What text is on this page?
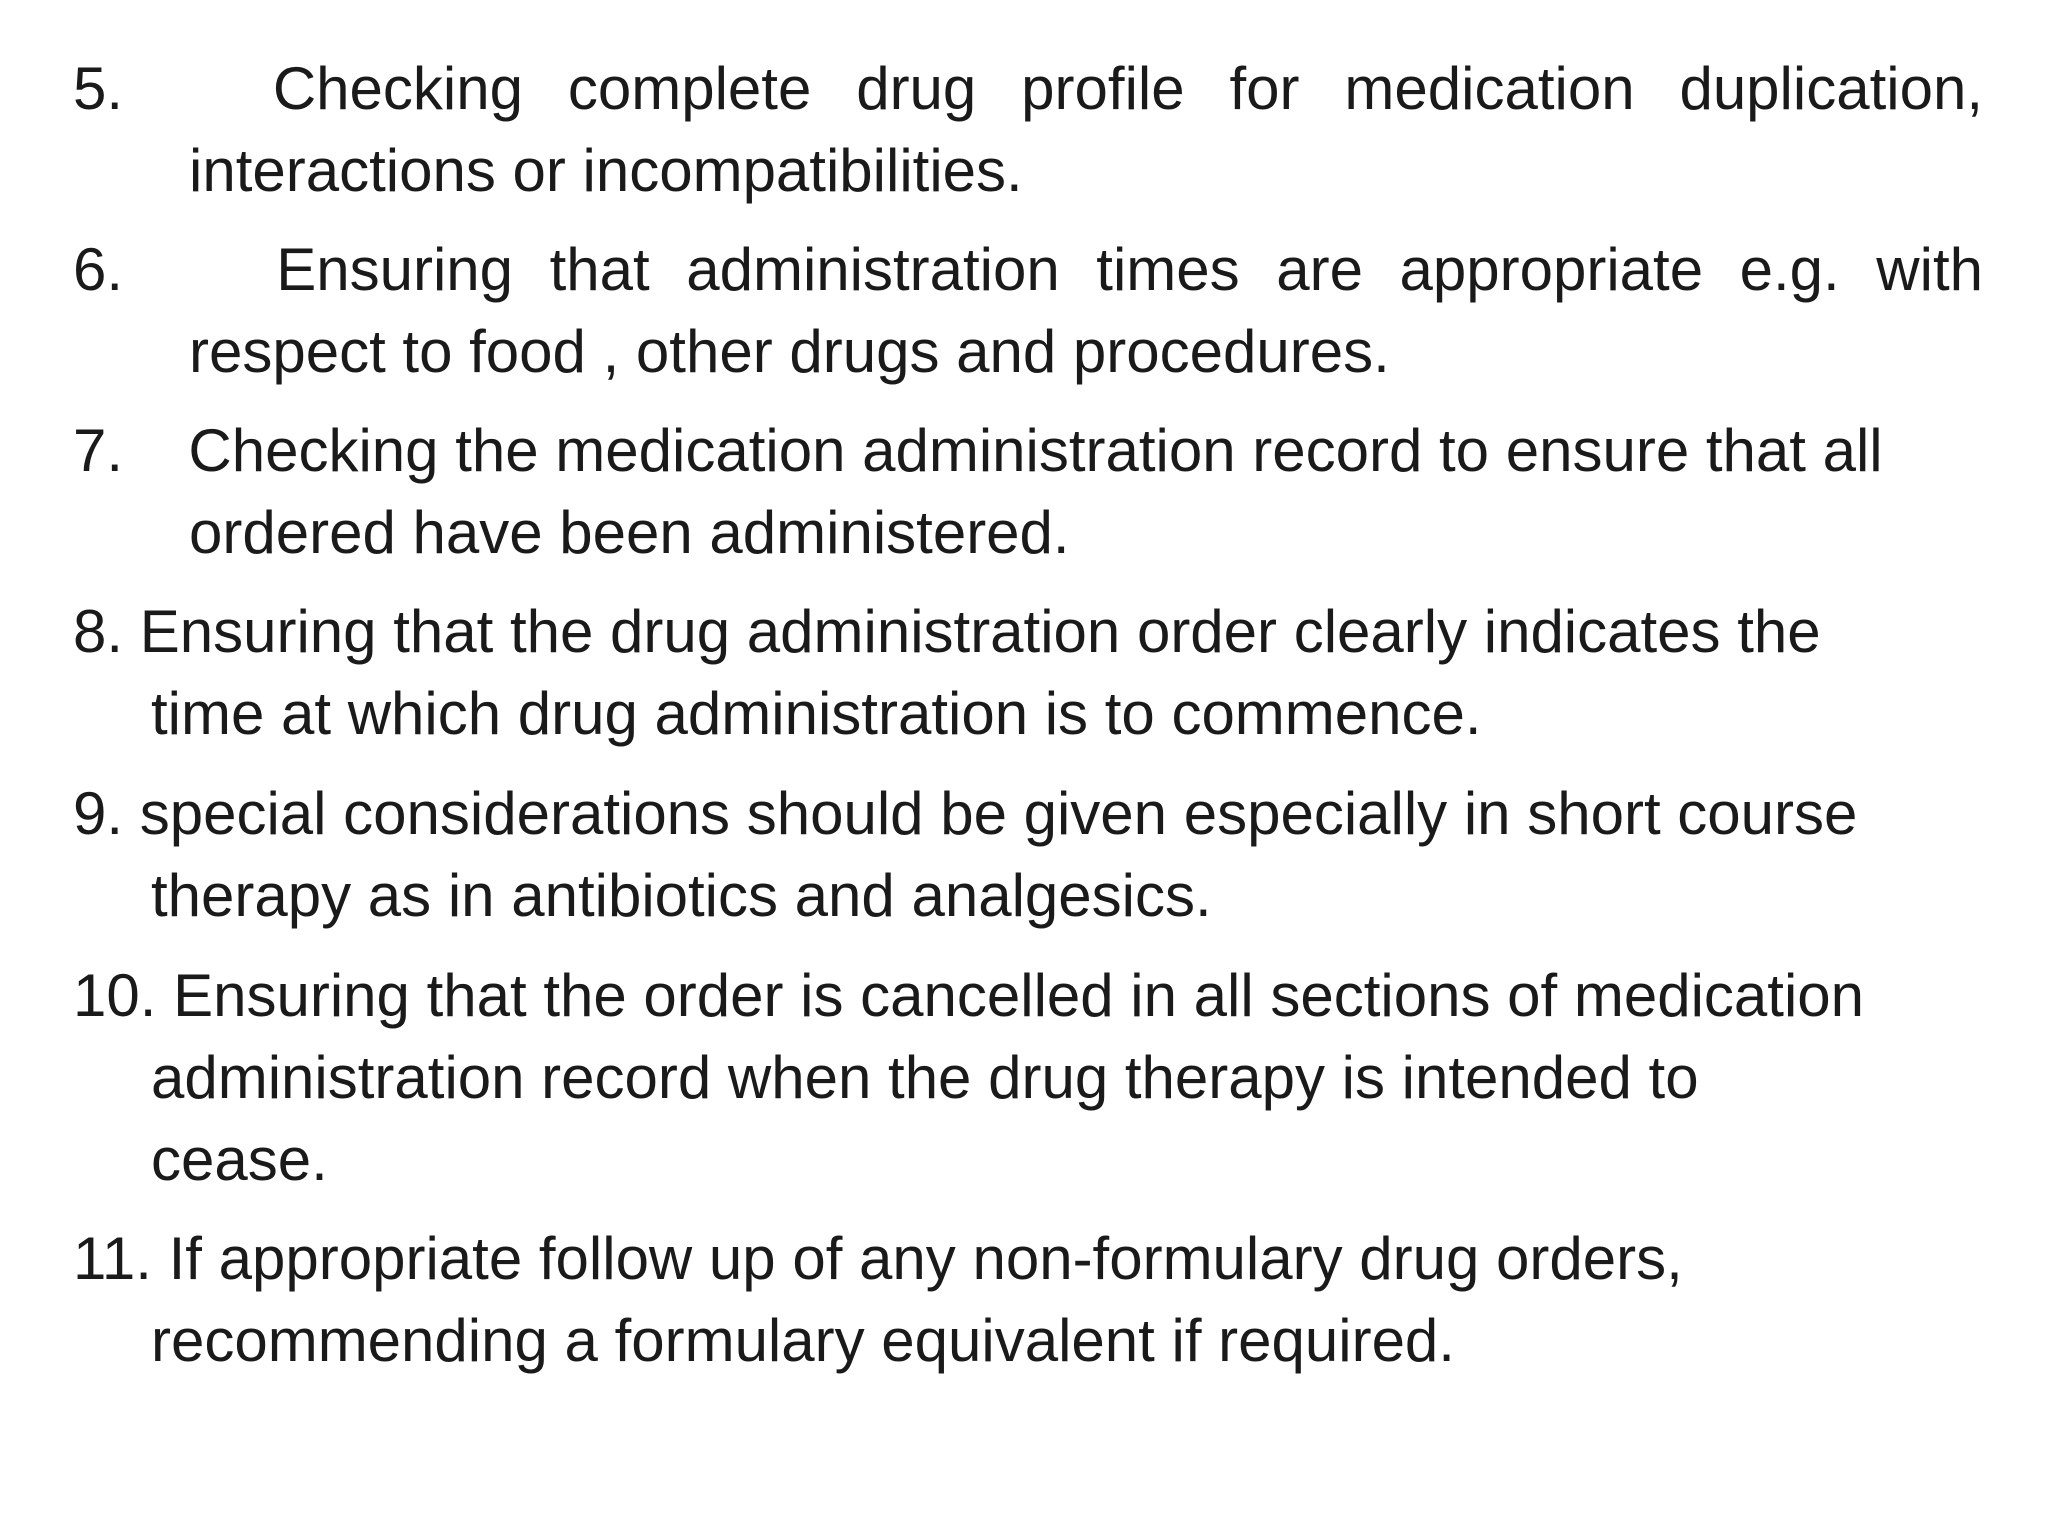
5. Checking complete drug profile for medication duplication,
interactions or incompatibilities.
6.	Ensuring that administration times are appropriate e.g. with
respect to food , other drugs and procedures.
7. Checking the medication administration record to ensure that all
ordered have been administered.
8. Ensuring that the drug administration order clearly indicates the
time at which drug administration is to commence.
9. special considerations should be given especially in short course
therapy as in antibiotics and analgesics.
10. Ensuring that the order is cancelled in all sections of medication
administration record when the drug therapy is intended to
cease.
11. If appropriate follow up of any non-formulary drug orders,
recommending a formulary equivalent if required.
